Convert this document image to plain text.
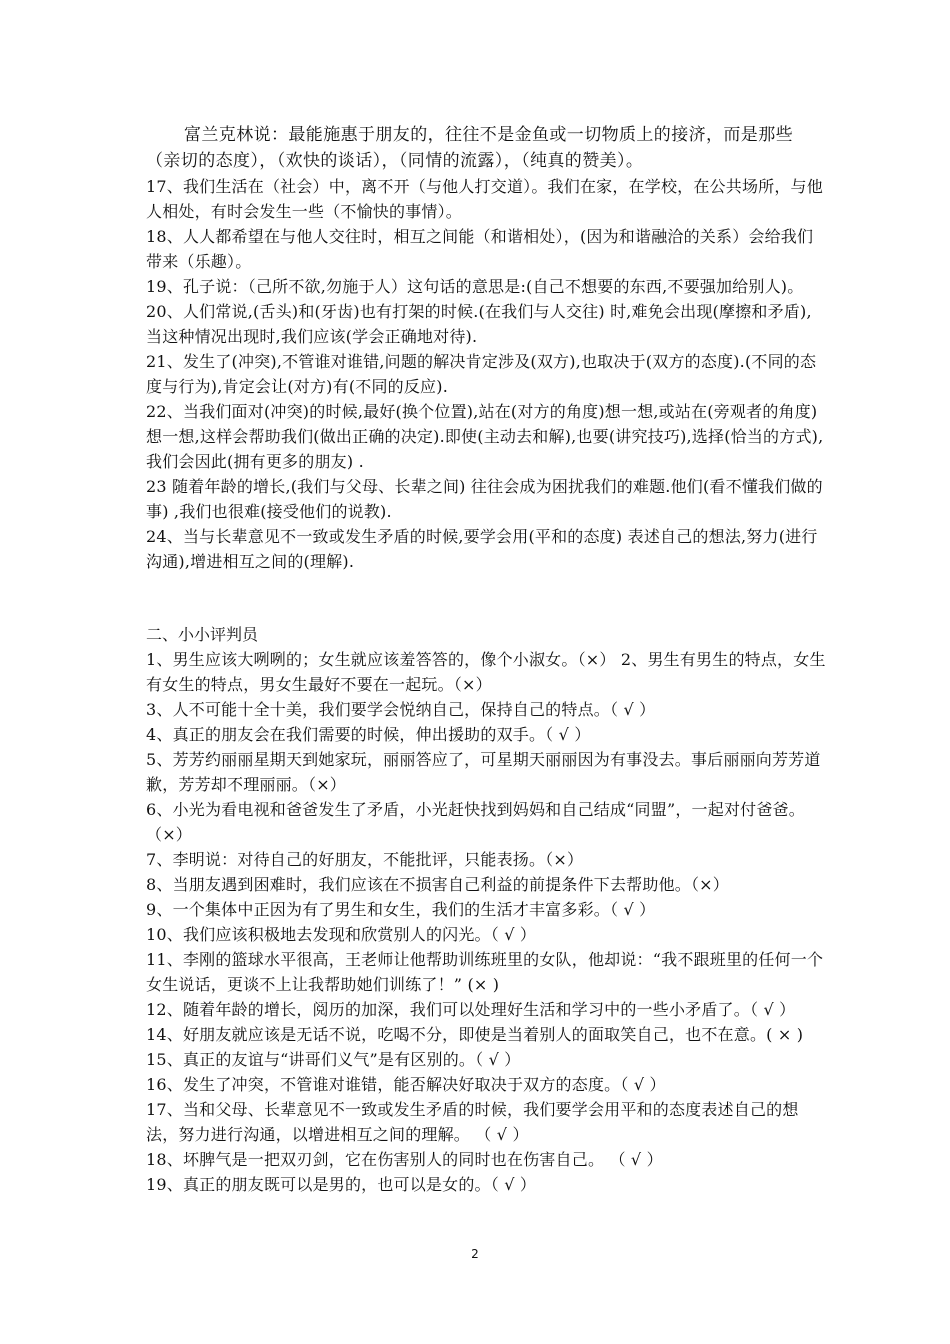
富兰克林说：最能施惠于朋友的，往往不是金鱼或一切物质上的接济，而是那些（亲切的态度），（欢快的谈话），（同情的流露），（纯真的赞美）。

17、我们生活在（社会）中，离不开（与他人打交道）。我们在家，在学校，在公共场所，与他人相处，有时会发生一些（不愉快的事情）。

18、人人都希望在与他人交往时，相互之间能（和谐相处），(因为和谐融洽的关系）会给我们带来（乐趣）。

19、孔子说：（己所不欲,勿施于人）这句话的意思是:(自己不想要的东西,不要强加给别人)。

20、人们常说,(舌头)和(牙齿)也有打架的时候.(在我们与人交往) 时,难免会出现(摩擦和矛盾),当这种情况出现时,我们应该(学会正确地对待).

21、发生了(冲突),不管谁对谁错,问题的解决肯定涉及(双方),也取决于(双方的态度).(不同的态度与行为),肯定会让(对方)有(不同的反应).

22、当我们面对(冲突)的时候,最好(换个位置),站在(对方的角度)想一想,或站在(旁观者的角度)想一想,这样会帮助我们(做出正确的决定).即使(主动去和解),也要(讲究技巧),选择(恰当的方式),我们会因此(拥有更多的朋友) .

23 随着年龄的增长,(我们与父母、长辈之间) 往往会成为困扰我们的难题.他们(看不懂我们做的事) ,我们也很难(接受他们的说教).

24、当与长辈意见不一致或发生矛盾的时候,要学会用(平和的态度) 表述自己的想法,努力(进行沟通),增进相互之间的(理解).

二、小小评判员

1、男生应该大咧咧的；女生就应该羞答答的，像个小淑女。（×） 2、男生有男生的特点，女生有女生的特点，男女生最好不要在一起玩。（×）

3、人不可能十全十美，我们要学会悦纳自己，保持自己的特点。（ √ ）

4、真正的朋友会在我们需要的时候，伸出援助的双手。（ √ ）

5、芳芳约丽丽星期天到她家玩，丽丽答应了，可星期天丽丽因为有事没去。事后丽丽向芳芳道歉，芳芳却不理丽丽。（×）

6、小光为看电视和爸爸发生了矛盾，小光赶快找到妈妈和自己结成“同盟”，一起对付爸爸。（×）

7、李明说：对待自己的好朋友，不能批评，只能表扬。（×）

8、当朋友遇到困难时，我们应该在不损害自己利益的前提条件下去帮助他。（×）

9、一个集体中正因为有了男生和女生，我们的生活才丰富多彩。（ √ ）

10、我们应该积极地去发现和欣赏别人的闪光。（ √ ）

11、李刚的篮球水平很高，王老师让他帮助训练班里的女队，他却说：“我不跟班里的任何一个女生说话，更谈不上让我帮助她们训练了！” (× )

12、随着年龄的增长，阅历的加深，我们可以处理好生活和学习中的一些小矛盾了。（ √ ）

14、好朋友就应该是无话不说，吃喝不分，即使是当着别人的面取笑自己，也不在意。( × )

15、真正的友谊与“讲哥们义气”是有区别的。（ √ ）

16、发生了冲突，不管谁对谁错，能否解决好取决于双方的态度。（ √ ）

17、当和父母、长辈意见不一致或发生矛盾的时候，我们要学会用平和的态度表述自己的想法，努力进行沟通，以增进相互之间的理解。 （ √ ）

18、坏脾气是一把双刃剑，它在伤害别人的同时也在伤害自己。 （ √ ）

19、真正的朋友既可以是男的，也可以是女的。（ √ ）

2
